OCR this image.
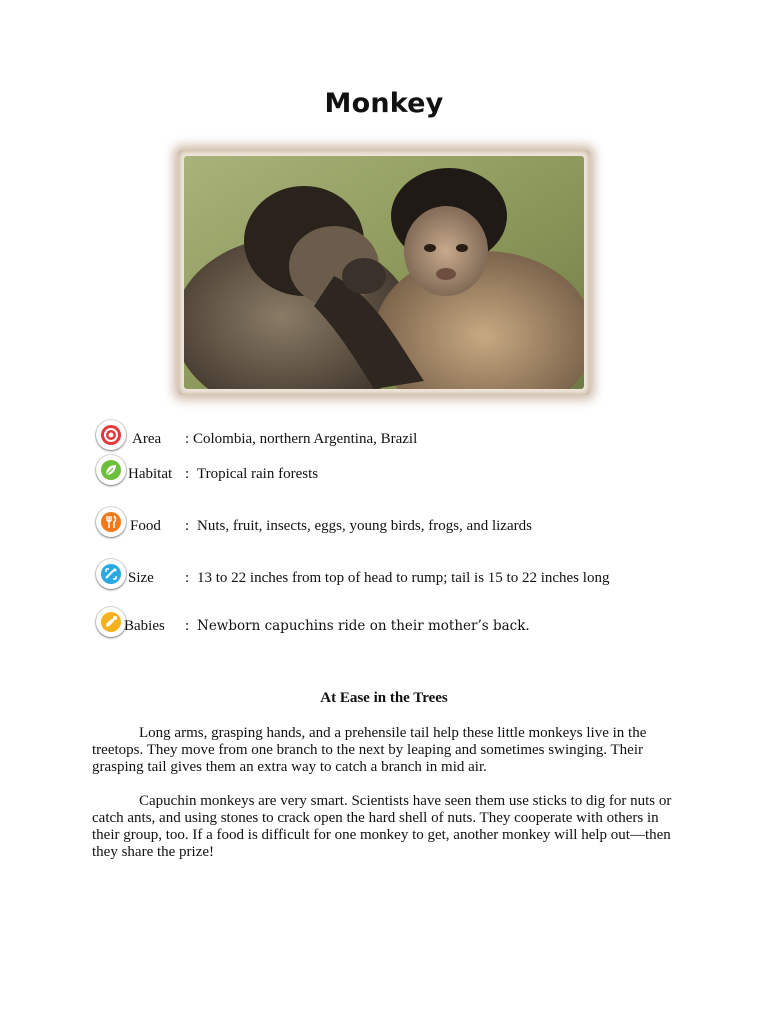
Monkey
Area : Colombia, northern Argentina, Brazil
Habitat : Tropical rain forests
Food : Nuts, fruit, insects, eggs, young birds, frogs, and lizards
Size : 13 to 22 inches from top of head to rump; tail is 15 to 22 inches long
Babies : Newborn capuchins ride on their mother’s back.
At Ease in the Trees

Long arms, grasping hands, and a prehensile tail help these little monkeys live in the treetops. They move from one branch to the next by leaping and sometimes swinging. Their grasping tail gives them an extra way to catch a branch in mid air.

Capuchin monkeys are very smart. Scientists have seen them use sticks to dig for nuts or catch ants, and using stones to crack open the hard shell of nuts. They cooperate with others in their group, too. If a food is difficult for one monkey to get, another monkey will help out—then they share the prize!
